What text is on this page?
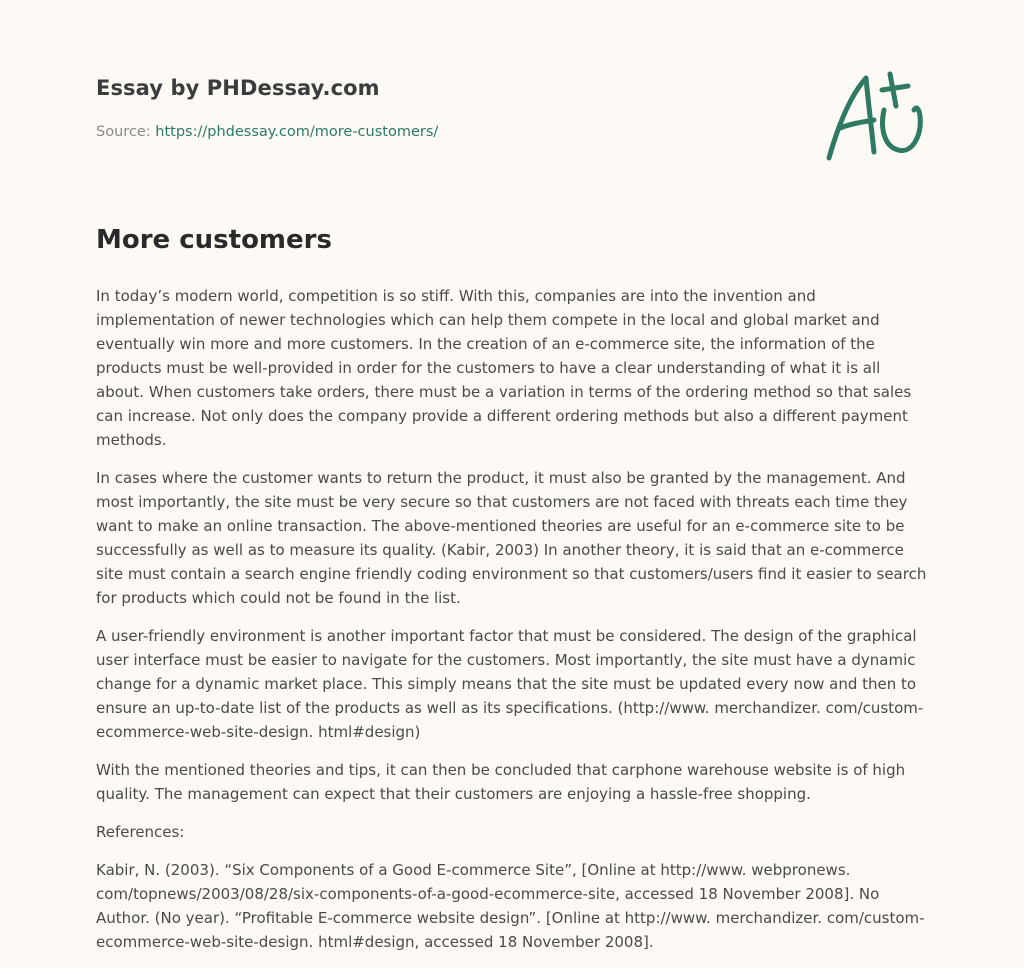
Essay by PHDessay.com
Source: https://phdessay.com/more-customers/
More customers

In today’s modern world, competition is so stiff. With this, companies are into the invention and implementation of newer technologies which can help them compete in the local and global market and eventually win more and more customers. In the creation of an e-commerce site, the information of the products must be well-provided in order for the customers to have a clear understanding of what it is all about. When customers take orders, there must be a variation in terms of the ordering method so that sales can increase. Not only does the company provide a different ordering methods but also a different payment methods.

In cases where the customer wants to return the product, it must also be granted by the management. And most importantly, the site must be very secure so that customers are not faced with threats each time they want to make an online transaction. The above-mentioned theories are useful for an e-commerce site to be successfully as well as to measure its quality. (Kabir, 2003) In another theory, it is said that an e-commerce site must contain a search engine friendly coding environment so that customers/users find it easier to search for products which could not be found in the list.

A user-friendly environment is another important factor that must be considered. The design of the graphical user interface must be easier to navigate for the customers. Most importantly, the site must have a dynamic change for a dynamic market place. This simply means that the site must be updated every now and then to ensure an up-to-date list of the products as well as its specifications. (http://www. merchandizer. com/custom-ecommerce-web-site-design. html#design)

With the mentioned theories and tips, it can then be concluded that carphone warehouse website is of high quality. The management can expect that their customers are enjoying a hassle-free shopping.

References:

Kabir, N. (2003). “Six Components of a Good E-commerce Site”, [Online at http://www. webpronews. com/topnews/2003/08/28/six-components-of-a-good-ecommerce-site, accessed 18 November 2008]. No Author. (No year). “Profitable E-commerce website design”. [Online at http://www. merchandizer. com/custom-ecommerce-web-site-design. html#design, accessed 18 November 2008].
